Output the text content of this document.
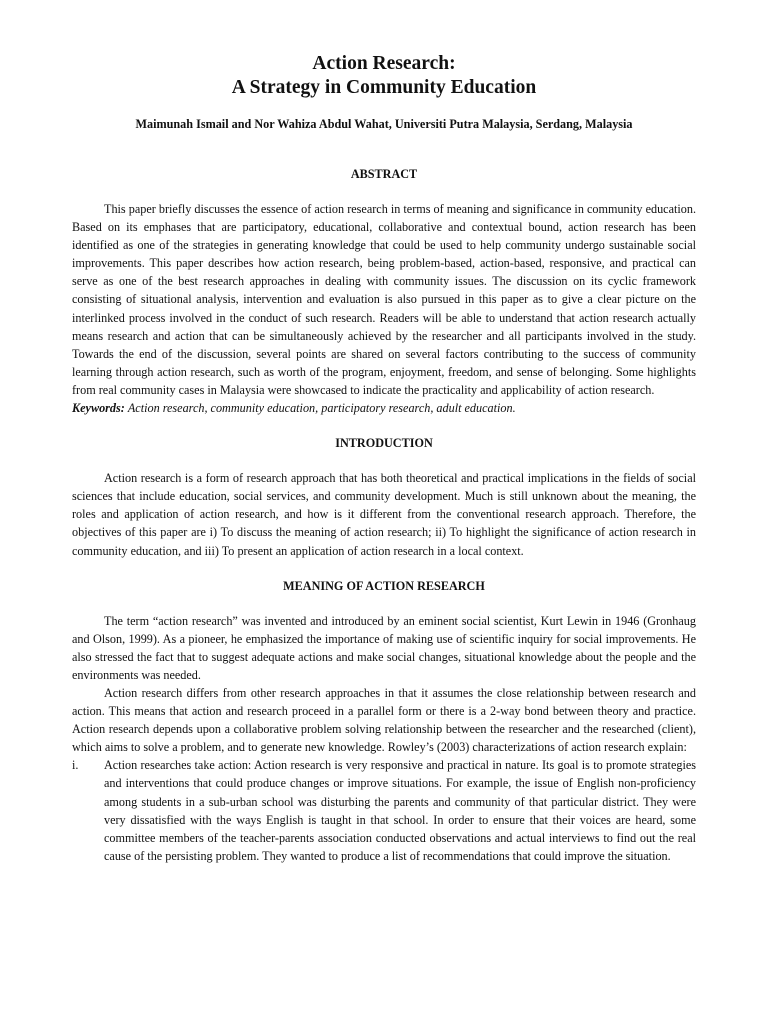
Action Research:
A Strategy in Community Education

Maimunah Ismail and Nor Wahiza Abdul Wahat, Universiti Putra Malaysia, Serdang, Malaysia

ABSTRACT

This paper briefly discusses the essence of action research in terms of meaning and significance in community education. Based on its emphases that are participatory, educational, collaborative and contextual bound, action research has been identified as one of the strategies in generating knowledge that could be used to help community undergo sustainable social improvements. This paper describes how action research, being problem-based, action-based, responsive, and practical can serve as one of the best research approaches in dealing with community issues. The discussion on its cyclic framework consisting of situational analysis, intervention and evaluation is also pursued in this paper as to give a clear picture on the interlinked process involved in the conduct of such research. Readers will be able to understand that action research actually means research and action that can be simultaneously achieved by the researcher and all participants involved in the study. Towards the end of the discussion, several points are shared on several factors contributing to the success of community learning through action research, such as worth of the program, enjoyment, freedom, and sense of belonging. Some highlights from real community cases in Malaysia were showcased to indicate the practicality and applicability of action research.

Keywords: Action research, community education, participatory research, adult education.

INTRODUCTION

Action research is a form of research approach that has both theoretical and practical implications in the fields of social sciences that include education, social services, and community development. Much is still unknown about the meaning, the roles and application of action research, and how is it different from the conventional research approach. Therefore, the objectives of this paper are i) To discuss the meaning of action research; ii) To highlight the significance of action research in community education, and iii) To present an application of action research in a local context.

MEANING OF ACTION RESEARCH

The term “action research” was invented and introduced by an eminent social scientist, Kurt Lewin in 1946 (Gronhaug and Olson, 1999). As a pioneer, he emphasized the importance of making use of scientific inquiry for social improvements. He also stressed the fact that to suggest adequate actions and make social changes, situational knowledge about the people and the environments was needed.

Action research differs from other research approaches in that it assumes the close relationship between research and action. This means that action and research proceed in a parallel form or there is a 2-way bond between theory and practice. Action research depends upon a collaborative problem solving relationship between the researcher and the researched (client), which aims to solve a problem, and to generate new knowledge. Rowley’s (2003) characterizations of action research explain:

i. Action researches take action: Action research is very responsive and practical in nature. Its goal is to promote strategies and interventions that could produce changes or improve situations. For example, the issue of English non-proficiency among students in a sub-urban school was disturbing the parents and community of that particular district. They were very dissatisfied with the ways English is taught in that school. In order to ensure that their voices are heard, some committee members of the teacher-parents association conducted observations and actual interviews to find out the real cause of the persisting problem. They wanted to produce a list of recommendations that could improve the situation.
